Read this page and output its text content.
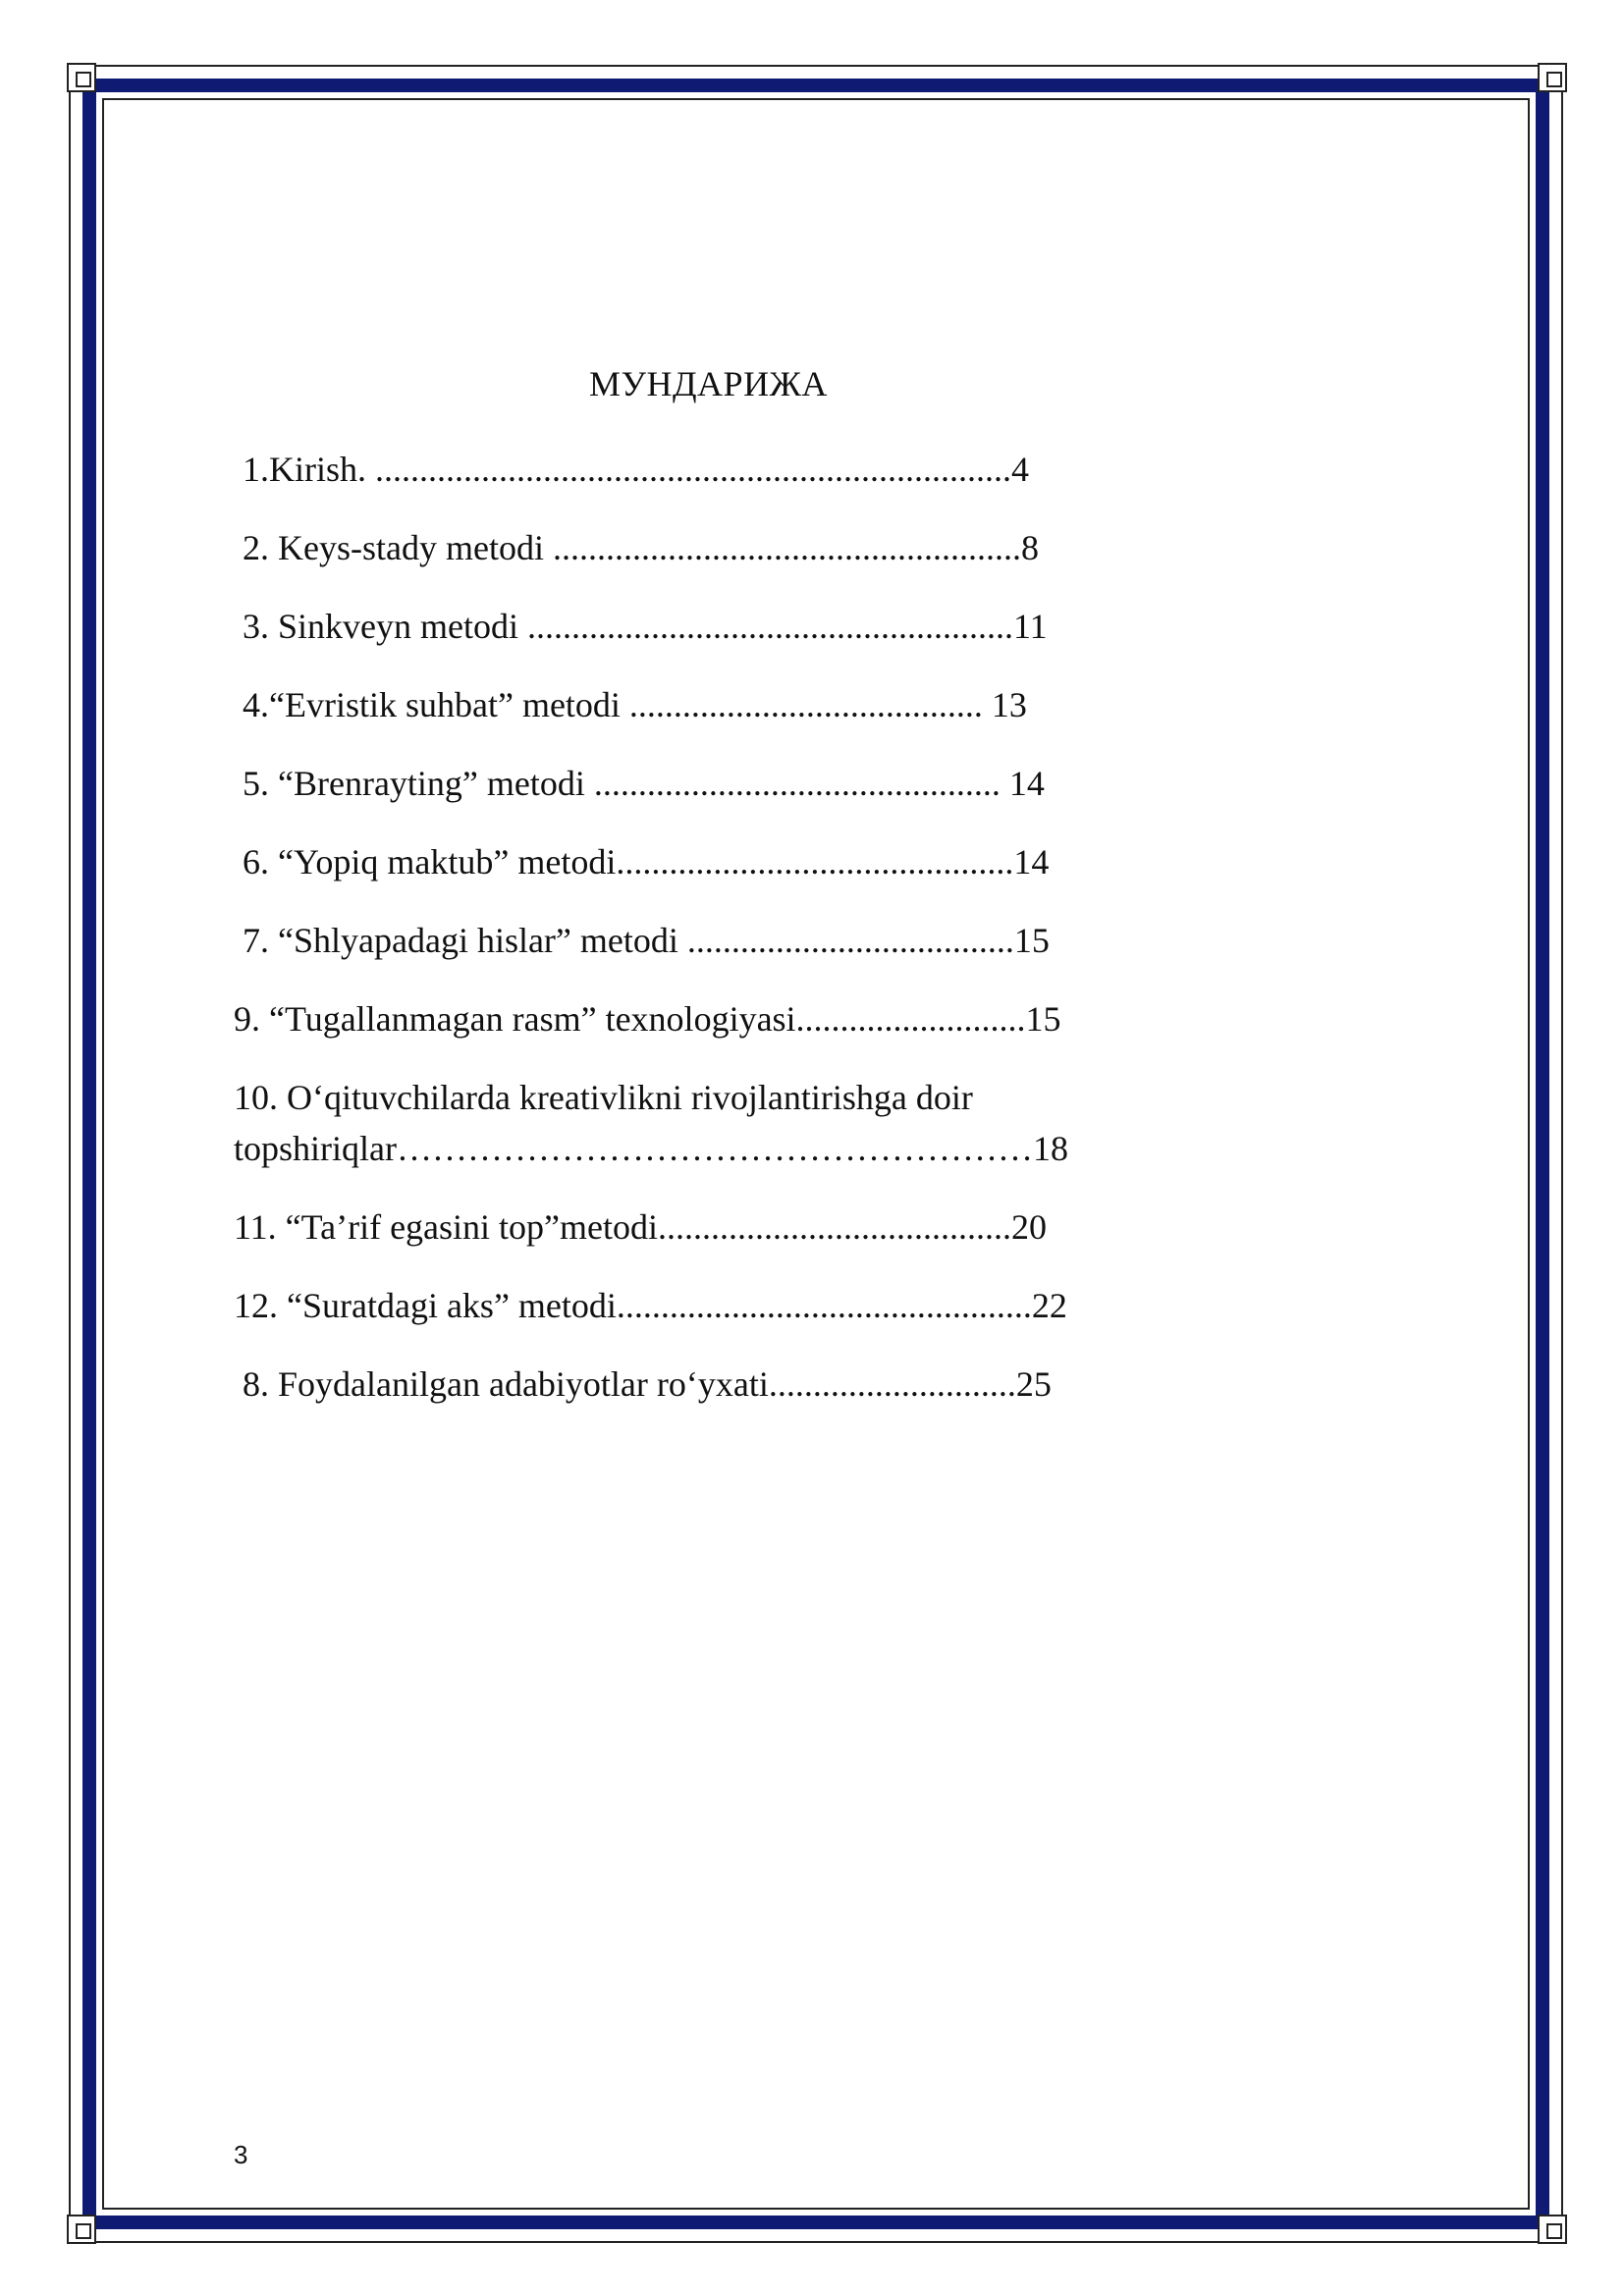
МУНДАРИЖА
1.Kirish. ........................................................................4
2. Keys-stady metodi .....................................................8
3. Sinkveyn metodi .......................................................11
4.“Evristik suhbat” metodi ........................................ 13
5. “Brenrayting” metodi .............................................. 14
6. “Yopiq maktub” metodi.............................................14
7. “Shlyapadagi hislar” metodi .....................................15
9. “Tugallanmagan rasm” texnologiyasi..........................15
10. O‘qituvchilarda kreativlikni rivojlantirishga doir
topshiriqlar………………………………………………18
11. “Ta’rif egasini top”metodi........................................20
12. “Suratdagi aks” metodi...............................................22
8. Foydalanilgan adabiyotlar ro‘yxati............................25
3
